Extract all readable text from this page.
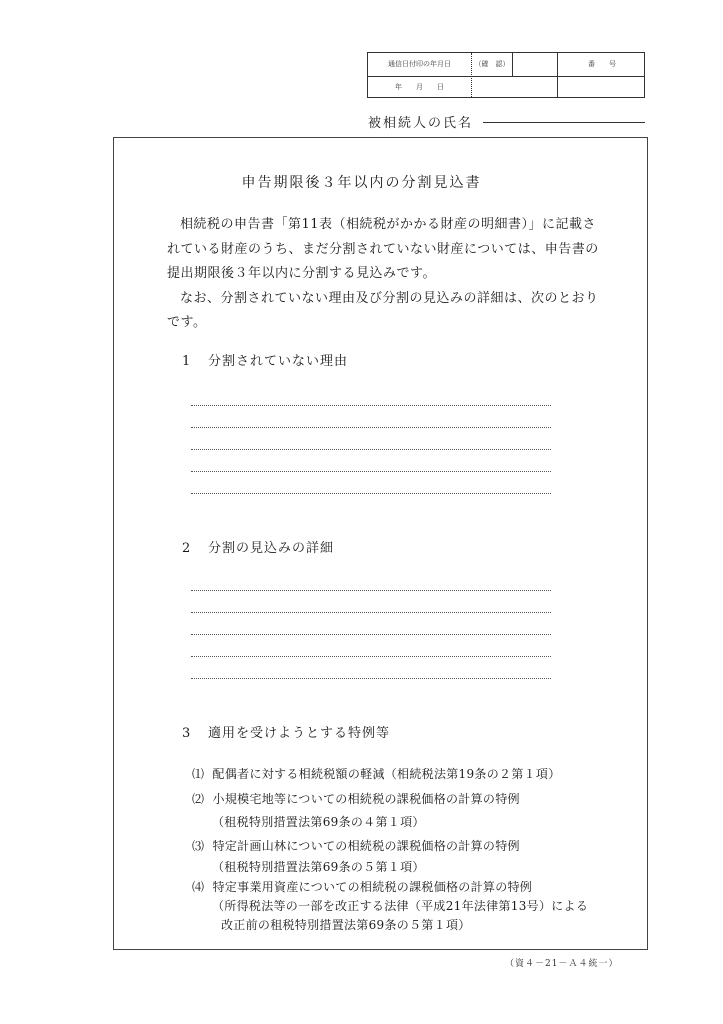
通信日付印の年月日	（確　認）	番　　号
年　　月　　日
被相続人の氏名
申告期限後３年以内の分割見込書

相続税の申告書「第11表（相続税がかかる財産の明細書）」に記載されている財産のうち、まだ分割されていない財産については、申告書の提出期限後３年以内に分割する見込みです。

なお、分割されていない理由及び分割の見込みの詳細は、次のとおりです。

1 分割されていない理由
2 分割の見込みの詳細
3 適用を受けようとする特例等
⑴ 配偶者に対する相続税額の軽減（相続税法第19条の２第１項）
⑵ 小規模宅地等についての相続税の課税価格の計算の特例
（租税特別措置法第69条の４第１項）
⑶ 特定計画山林についての相続税の課税価格の計算の特例
（租税特別措置法第69条の５第１項）
⑷ 特定事業用資産についての相続税の課税価格の計算の特例
（所得税法等の一部を改正する法律（平成21年法律第13号）による
改正前の租税特別措置法第69条の５第１項）
（資４－21－Ａ４統一）
